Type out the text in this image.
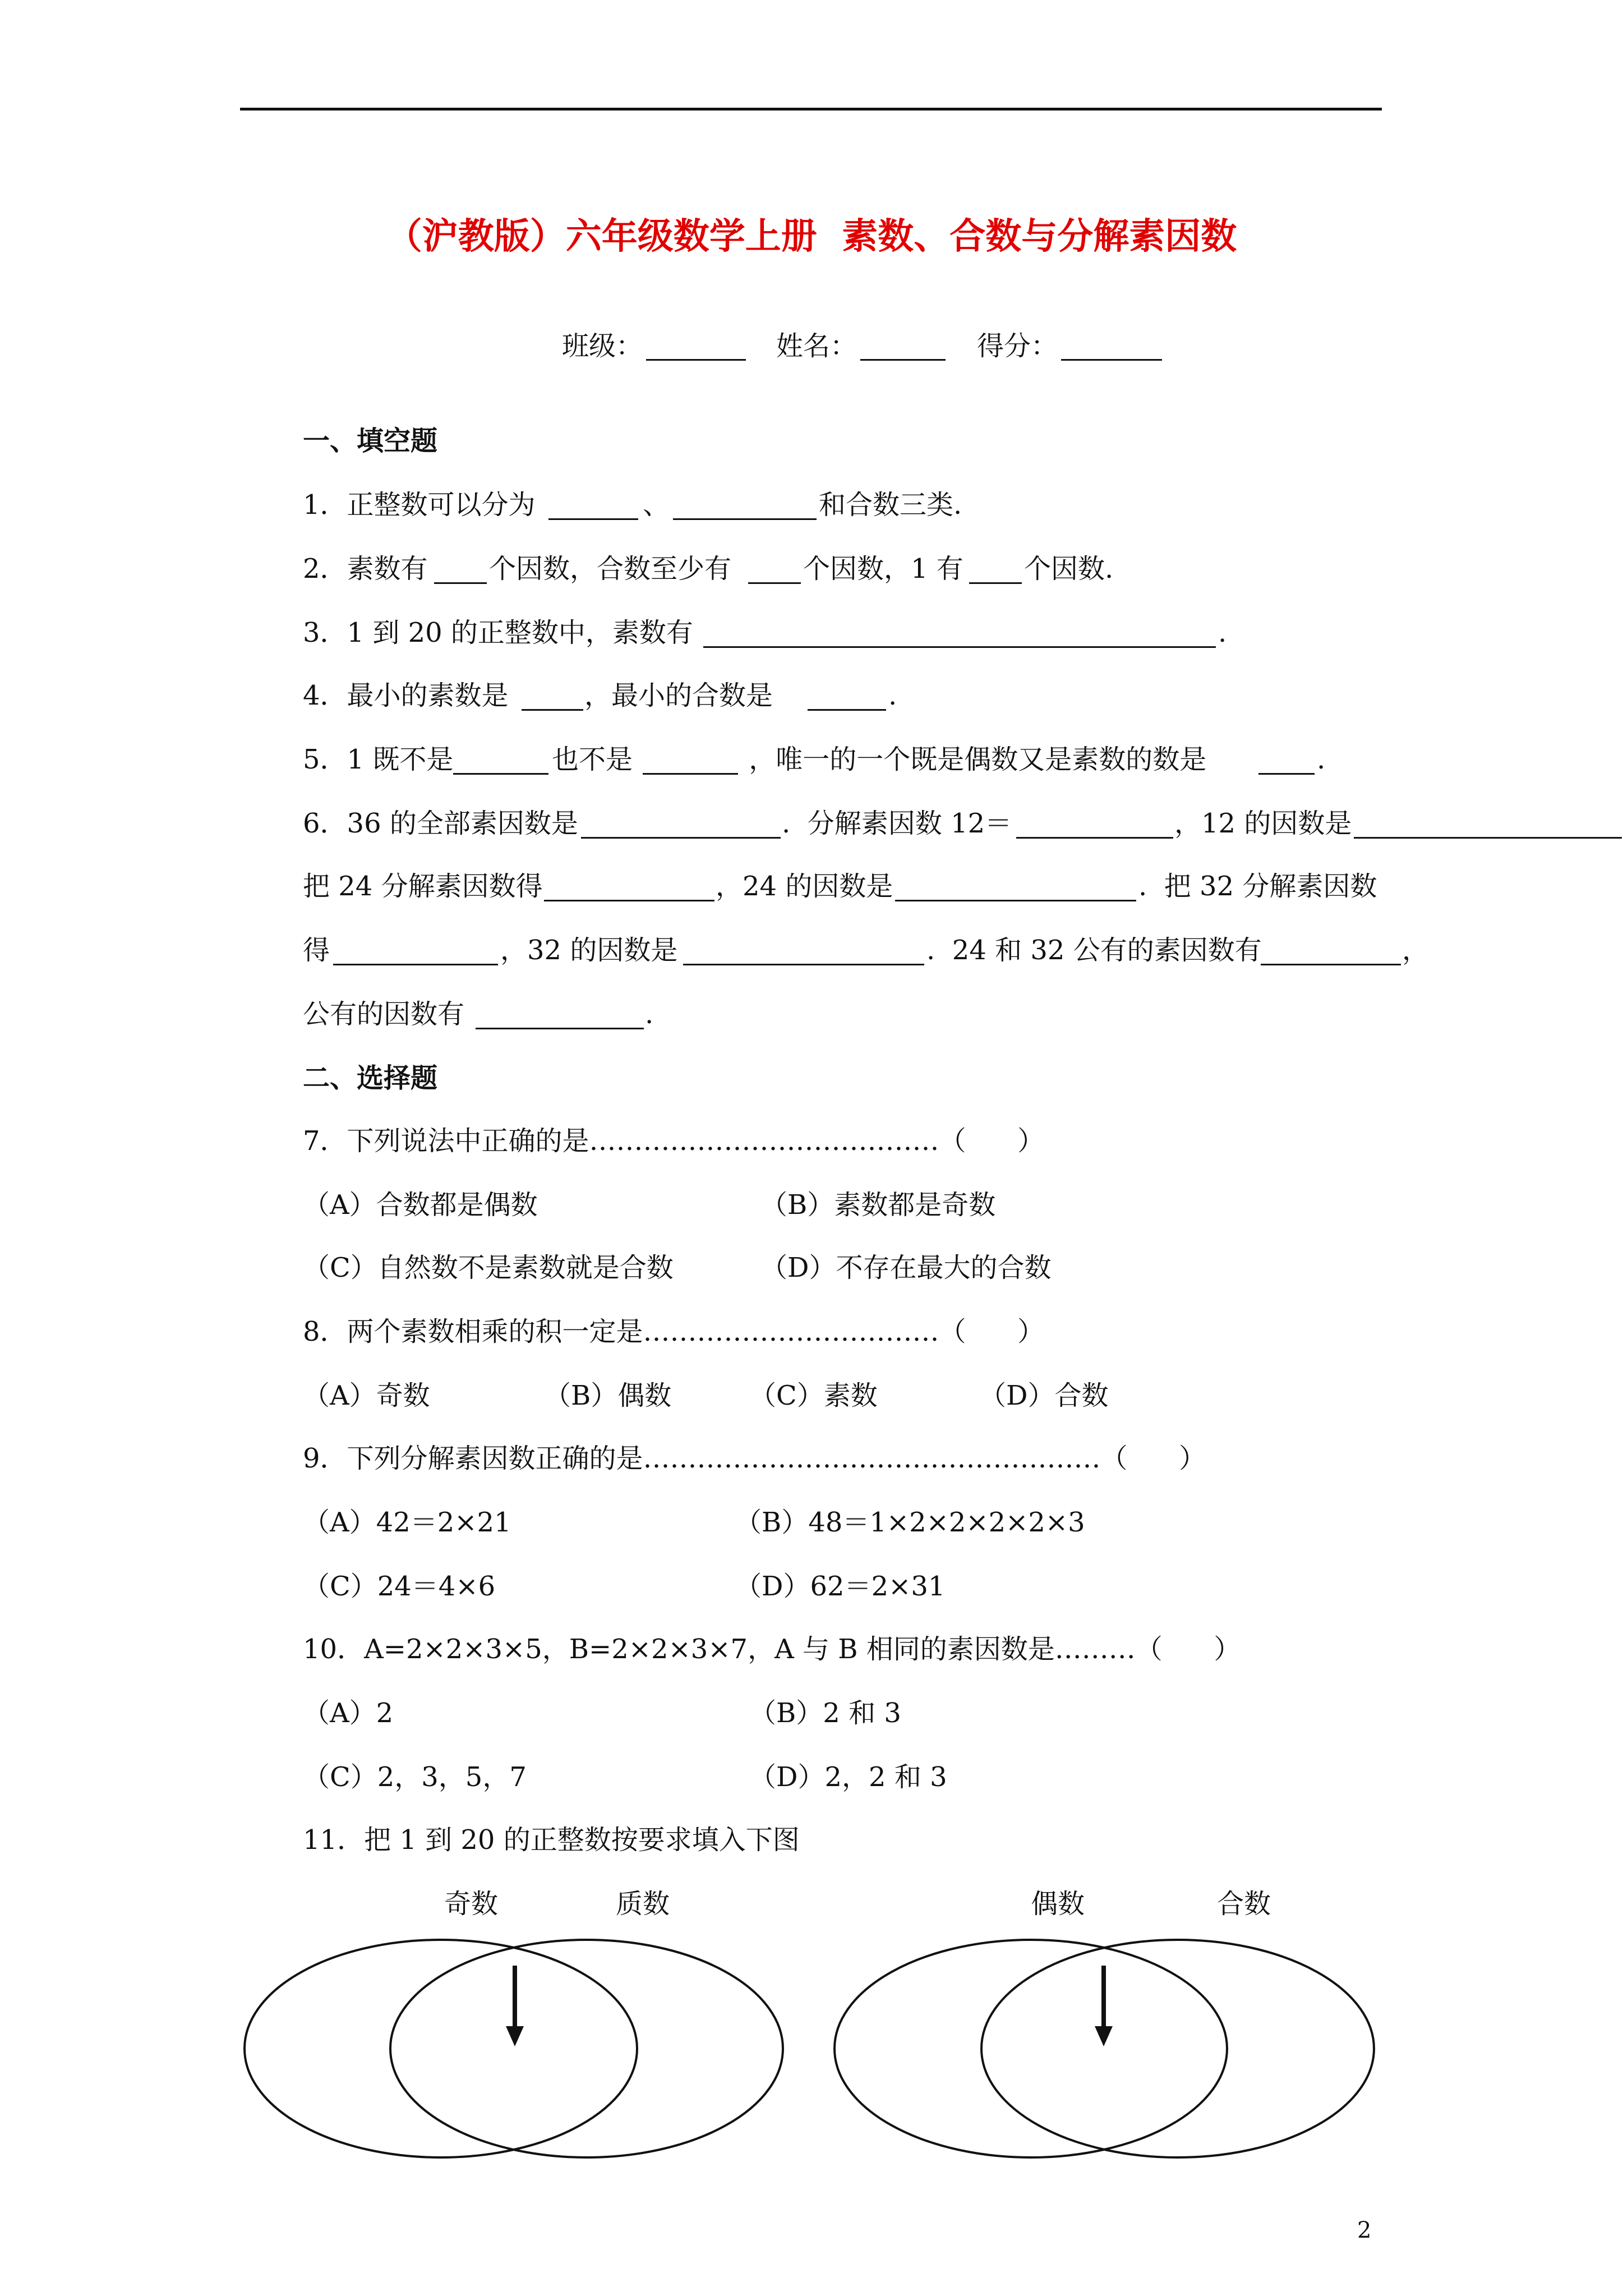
（沪教版）六年级数学上册  素数、合数与分解素因数
班级：	姓名：	得分：
一、填空题
1．正整数可以分为	、	和合数三类.
2．素数有 个因数，合数至少有	个因数，1 有 个因数.
3．1 到 20 的正整数中，素数有	.
4．最小的素数是	，最小的合数是	.
5．1 既不是	也不是	，唯一的一个既是偶数又是素数的数是	.
6．36 的全部素因数是	.  分解素因数 12＝	，12 的因数是
把 24 分解素因数得	，24 的因数是	.  把 32 分解素因数
得	，32 的因数是	.  24 和 32 公有的素因数有	，
公有的因数有	.
二、选择题
7．下列说法中正确的是…………………………………（      ）
（A）合数都是偶数	（B）素数都是奇数
（C）自然数不是素数就是合数	（D）不存在最大的合数
8．两个素数相乘的积一定是……………………………（      ）
（A）奇数	（B）偶数	（C）素数	（D）合数
9．下列分解素因数正确的是……………………………………………（      ）
（A）42＝2×21	（B）48＝1×2×2×2×2×3
（C）24＝4×6	（D）62＝2×31
10．A=2×2×3×5，B=2×2×3×7，A 与 B 相同的素因数是………（      ）
（A）2	（B）2 和 3
（C）2，3，5，7	（D）2，2 和 3
11．把 1 到 20 的正整数按要求填入下图
奇数	质数	偶数	合数
2
